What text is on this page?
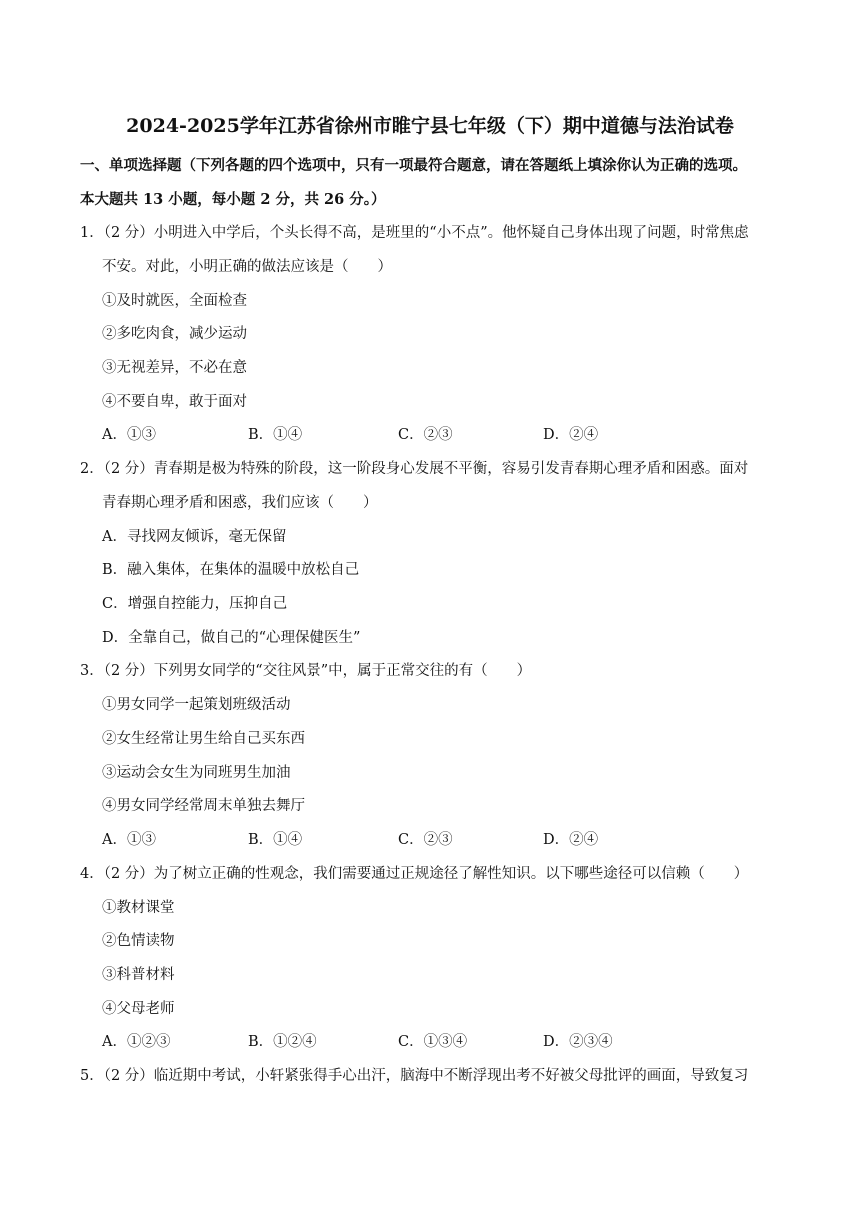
2024-2025学年江苏省徐州市睢宁县七年级（下）期中道德与法治试卷
一、单项选择题（下列各题的四个选项中，只有一项最符合题意，请在答题纸上填涂你认为正确的选项。
本大题共 13 小题，每小题 2 分，共 26 分。）
1．（2 分）小明进入中学后，个头长得不高，是班里的“小不点”。他怀疑自己身体出现了问题，时常焦虑
不安。对此，小明正确的做法应该是（　　）
①及时就医，全面检查
②多吃肉食，减少运动
③无视差异，不必在意
④不要自卑，敢于面对
A．①③	B．①④	C．②③	D．②④
2．（2 分）青春期是极为特殊的阶段，这一阶段身心发展不平衡，容易引发青春期心理矛盾和困惑。面对
青春期心理矛盾和困惑，我们应该（　　）
A．寻找网友倾诉，毫无保留
B．融入集体，在集体的温暖中放松自己
C．增强自控能力，压抑自己
D．全靠自己，做自己的“心理保健医生”
3．（2 分）下列男女同学的“交往风景”中，属于正常交往的有（　　）
①男女同学一起策划班级活动
②女生经常让男生给自己买东西
③运动会女生为同班男生加油
④男女同学经常周末单独去舞厅
A．①③	B．①④	C．②③	D．②④
4．（2 分）为了树立正确的性观念，我们需要通过正规途径了解性知识。以下哪些途径可以信赖（　　）
①教材课堂
②色情读物
③科普材料
④父母老师
A．①②③	B．①②④	C．①③④	D．②③④
5．（2 分）临近期中考试，小轩紧张得手心出汗，脑海中不断浮现出考不好被父母批评的画面，导致复习
